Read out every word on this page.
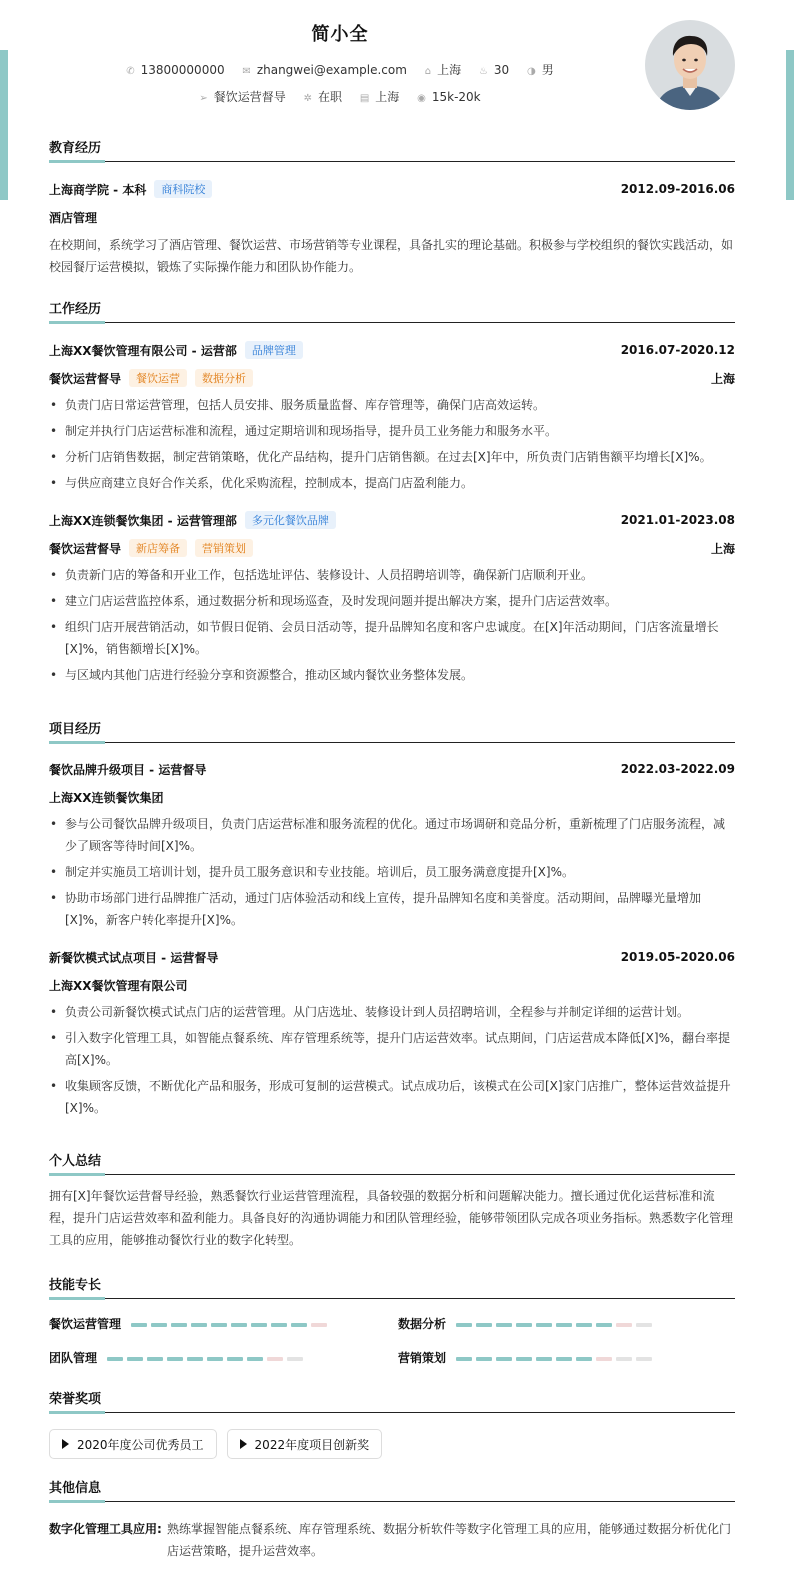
简小全
✆ 13800000000 ✉ zhangwei@example.com ⌂ 上海 ♨ 30 ◑ 男
➢ 餐饮运营督导 ✲ 在职 ▤ 上海 ◉ 15k-20k
教育经历
上海商学院 - 本科	商科院校	2012.09-2016.06
酒店管理
在校期间，系统学习了酒店管理、餐饮运营、市场营销等专业课程，具备扎实的理论基础。积极参与学校组织的餐饮实践活动，如校园餐厅运营模拟，锻炼了实际操作能力和团队协作能力。
工作经历
上海XX餐饮管理有限公司 - 运营部	品牌管理	2016.07-2020.12
餐饮运营督导	餐饮运营	数据分析	上海
• 负责门店日常运营管理，包括人员安排、服务质量监督、库存管理等，确保门店高效运转。
• 制定并执行门店运营标准和流程，通过定期培训和现场指导，提升员工业务能力和服务水平。
• 分析门店销售数据，制定营销策略，优化产品结构，提升门店销售额。在过去[X]年中，所负责门店销售额平均增长[X]%。
• 与供应商建立良好合作关系，优化采购流程，控制成本，提高门店盈利能力。
上海XX连锁餐饮集团 - 运营管理部	多元化餐饮品牌	2021.01-2023.08
餐饮运营督导	新店筹备	营销策划	上海
• 负责新门店的筹备和开业工作，包括选址评估、装修设计、人员招聘培训等，确保新门店顺利开业。
• 建立门店运营监控体系，通过数据分析和现场巡查，及时发现问题并提出解决方案，提升门店运营效率。
• 组织门店开展营销活动，如节假日促销、会员日活动等，提升品牌知名度和客户忠诚度。在[X]年活动期间，门店客流量增长[X]%，销售额增长[X]%。
• 与区域内其他门店进行经验分享和资源整合，推动区域内餐饮业务整体发展。
项目经历
餐饮品牌升级项目 - 运营督导	2022.03-2022.09
上海XX连锁餐饮集团
• 参与公司餐饮品牌升级项目，负责门店运营标准和服务流程的优化。通过市场调研和竞品分析，重新梳理了门店服务流程，减少了顾客等待时间[X]%。
• 制定并实施员工培训计划，提升员工服务意识和专业技能。培训后，员工服务满意度提升[X]%。
• 协助市场部门进行品牌推广活动，通过门店体验活动和线上宣传，提升品牌知名度和美誉度。活动期间，品牌曝光量增加[X]%，新客户转化率提升[X]%。
新餐饮模式试点项目 - 运营督导	2019.05-2020.06
上海XX餐饮管理有限公司
• 负责公司新餐饮模式试点门店的运营管理。从门店选址、装修设计到人员招聘培训，全程参与并制定详细的运营计划。
• 引入数字化管理工具，如智能点餐系统、库存管理系统等，提升门店运营效率。试点期间，门店运营成本降低[X]%，翻台率提高[X]%。
• 收集顾客反馈，不断优化产品和服务，形成可复制的运营模式。试点成功后，该模式在公司[X]家门店推广，整体运营效益提升[X]%。
个人总结
拥有[X]年餐饮运营督导经验，熟悉餐饮行业运营管理流程，具备较强的数据分析和问题解决能力。擅长通过优化运营标准和流程，提升门店运营效率和盈利能力。具备良好的沟通协调能力和团队管理经验，能够带领团队完成各项业务指标。熟悉数字化管理工具的应用，能够推动餐饮行业的数字化转型。
技能专长
餐饮运营管理	数据分析
团队管理	营销策划
荣誉奖项
2020年度公司优秀员工	2022年度项目创新奖
其他信息
数字化管理工具应用: 熟练掌握智能点餐系统、库存管理系统、数据分析软件等数字化管理工具的应用，能够通过数据分析优化门店运营策略，提升运营效率。
